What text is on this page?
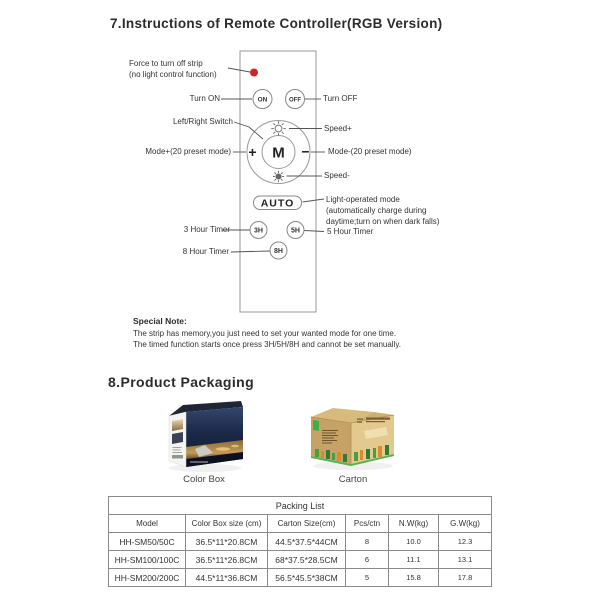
7.Instructions of Remote Controller(RGB Version)
ON	OFF
M
+	−
AUTO
3H	5H
8H
Force to turn off strip
(no light control function)
Turn ON	Turn OFF
Left/Right Switch
Speed+
Mode+(20 preset mode)	Mode-(20 preset mode)
Speed-
Light-operated mode
(automatically charge during
daytime;turn on when dark falls)
3 Hour Timer	5 Hour Timer
8 Hour Timer
Special Note:
The strip has memory,you just need to set your wanted mode for one time.
The timed function starts once press 3H/5H/8H and cannot be set manually.
8.Product Packaging
Color Box	Carton
Packing List					
Model	Color Box size (cm)	Carton Size(cm)	Pcs/ctn	N.W(kg)	G.W(kg)
HH-SM50/50C	36.5*11*20.8CM	44.5*37.5*44CM	8	10.0	12.3
HH-SM100/100C	36.5*11*26.8CM	68*37.5*28.5CM	6	11.1	13.1
HH-SM200/200C	44.5*11*36.8CM	56.5*45.5*38CM	5	15.8	17.8
